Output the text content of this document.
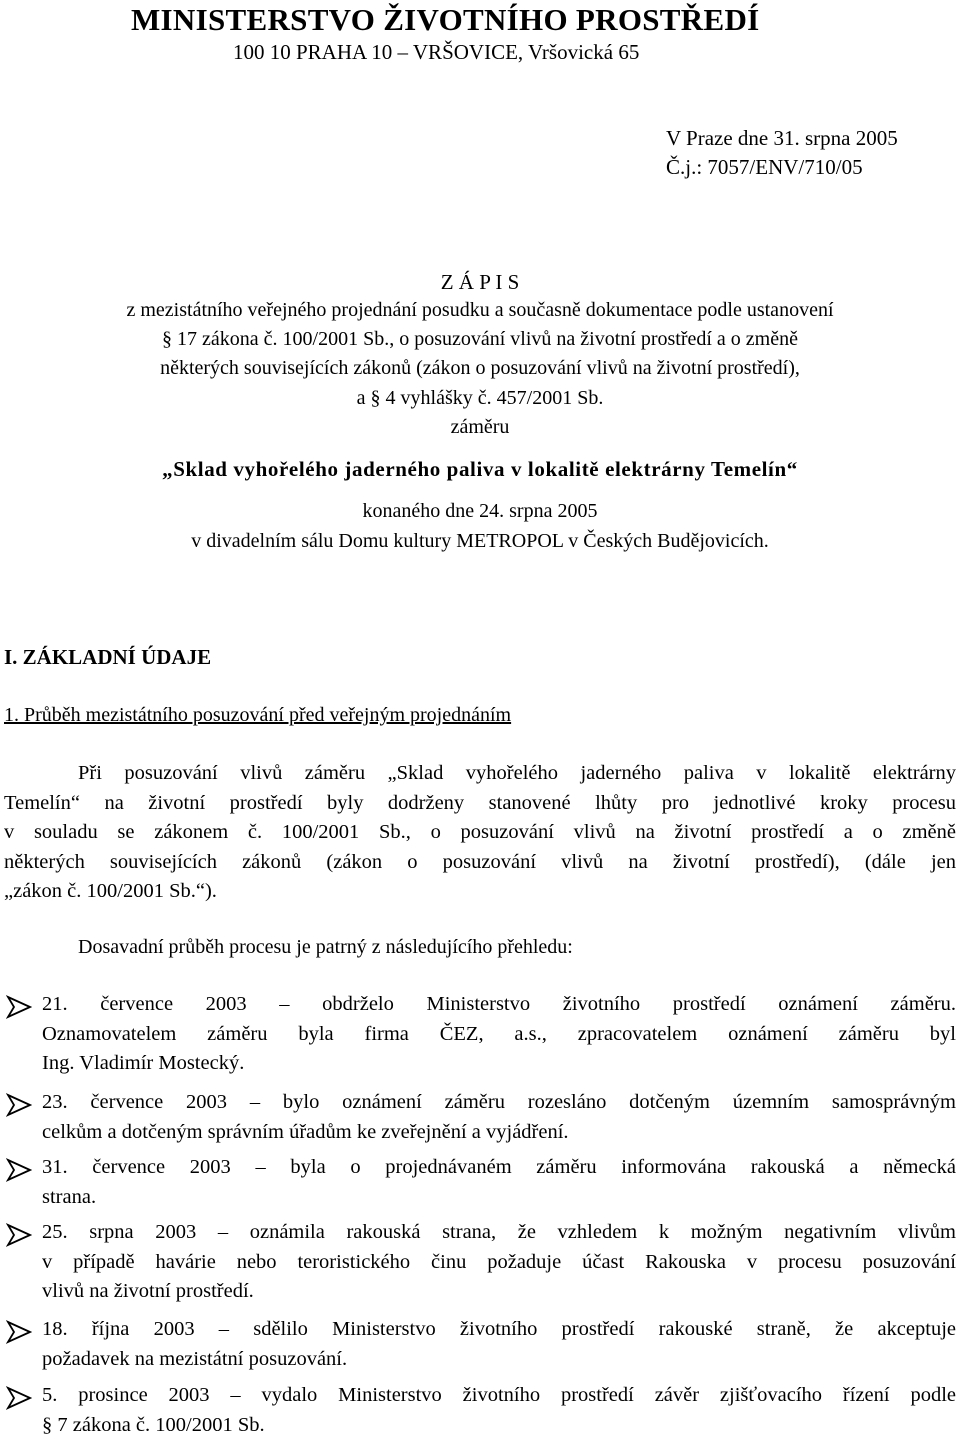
MINISTERSTVO ŽIVOTNÍHO PROSTŘEDÍ
100 10 PRAHA 10 – VRŠOVICE, Vršovická 65
V Praze dne 31. srpna 2005
Č.j.: 7057/ENV/710/05
Z Á P I S
z mezistátního veřejného projednání posudku a současně dokumentace podle ustanovení
§ 17 zákona č. 100/2001 Sb., o posuzování vlivů na životní prostředí a o změně
některých souvisejících zákonů (zákon o posuzování vlivů na životní prostředí),
a § 4 vyhlášky č. 457/2001 Sb.
záměru
„Sklad vyhořelého jaderného paliva v lokalitě elektrárny Temelín“
konaného dne 24. srpna 2005
v divadelním sálu Domu kultury METROPOL v Českých Budějovicích.
I. ZÁKLADNÍ ÚDAJE
1. Průběh mezistátního posuzování před veřejným projednáním
Při posuzování vlivů záměru „Sklad vyhořelého jaderného paliva v lokalitě elektrárny
Temelín“ na životní prostředí byly dodrženy stanovené lhůty pro jednotlivé kroky procesu
v souladu se zákonem č. 100/2001 Sb., o posuzování vlivů na životní prostředí a o změně
některých souvisejících zákonů (zákon o posuzování vlivů na životní prostředí), (dále jen
„zákon č. 100/2001 Sb.“).
Dosavadní průběh procesu je patrný z následujícího přehledu:
21. července 2003 – obdrželo Ministerstvo životního prostředí oznámení záměru.
Oznamovatelem záměru byla firma ČEZ, a.s., zpracovatelem oznámení záměru byl
Ing. Vladimír Mostecký.
23. července 2003 – bylo oznámení záměru rozesláno dotčeným územním samosprávným
celkům a dotčeným správním úřadům ke zveřejnění a vyjádření.
31. července 2003 – byla o projednávaném záměru informována rakouská a německá
strana.
25. srpna 2003 – oznámila rakouská strana, že vzhledem k možným negativním vlivům
v případě havárie nebo teroristického činu požaduje účast Rakouska v procesu posuzování
vlivů na životní prostředí.
18. října 2003 – sdělilo Ministerstvo životního prostředí rakouské straně, že akceptuje
požadavek na mezistátní posuzování.
5. prosince 2003 – vydalo Ministerstvo životního prostředí závěr zjišťovacího řízení podle
§ 7 zákona č. 100/2001 Sb.
